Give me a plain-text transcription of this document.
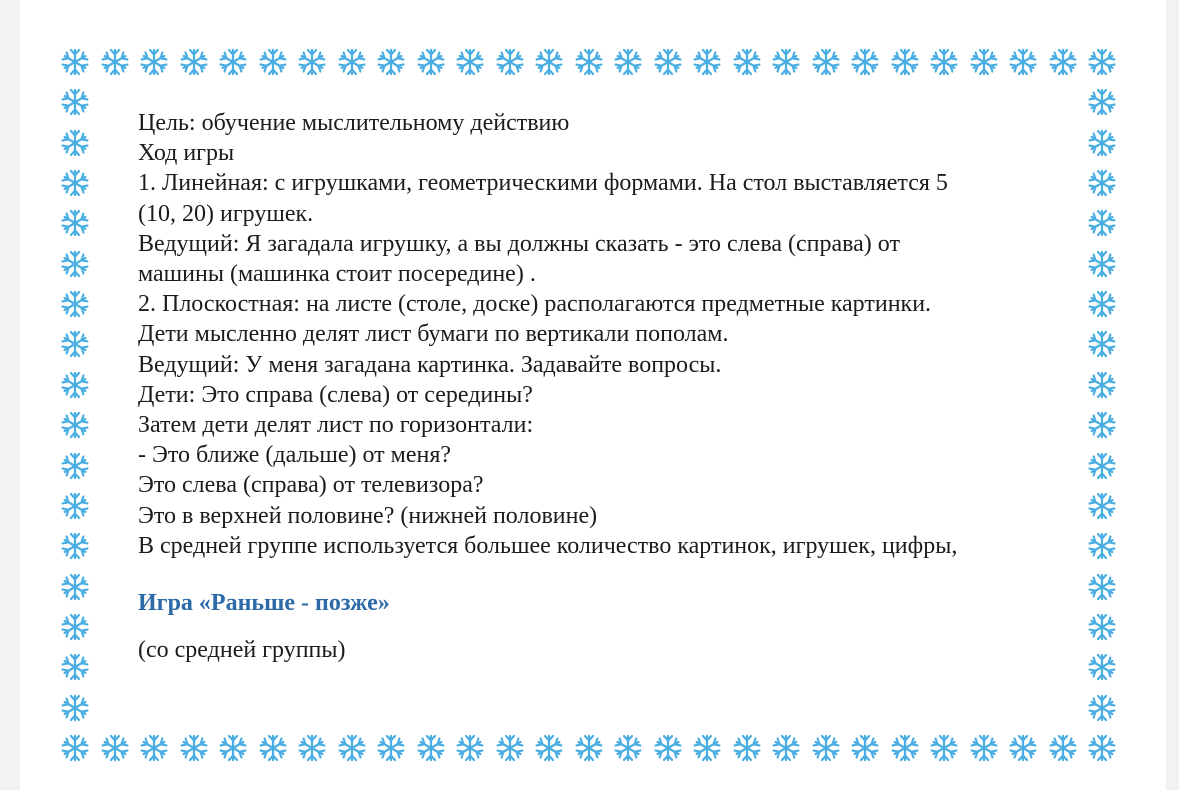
Цель: обучение мыслительному действию
Ход игры
1. Линейная: с игрушками, геометрическими формами. На стол выставляется 5
(10, 20) игрушек.
Ведущий: Я загадала игрушку, а вы должны сказать - это слева (справа) от
машины (машинка стоит посередине) .
2. Плоскостная: на листе (столе, доске) располагаются предметные картинки.
Дети мысленно делят лист бумаги по вертикали пополам.
Ведущий: У меня загадана картинка. Задавайте вопросы.
Дети: Это справа (слева) от середины?
Затем дети делят лист по горизонтали:
- Это ближе (дальше) от меня?
Это слева (справа) от телевизора?
Это в верхней половине? (нижней половине)
В средней группе используется большее количество картинок, игрушек, цифры,
Игра «Раньше - позже»
(со средней группы)
